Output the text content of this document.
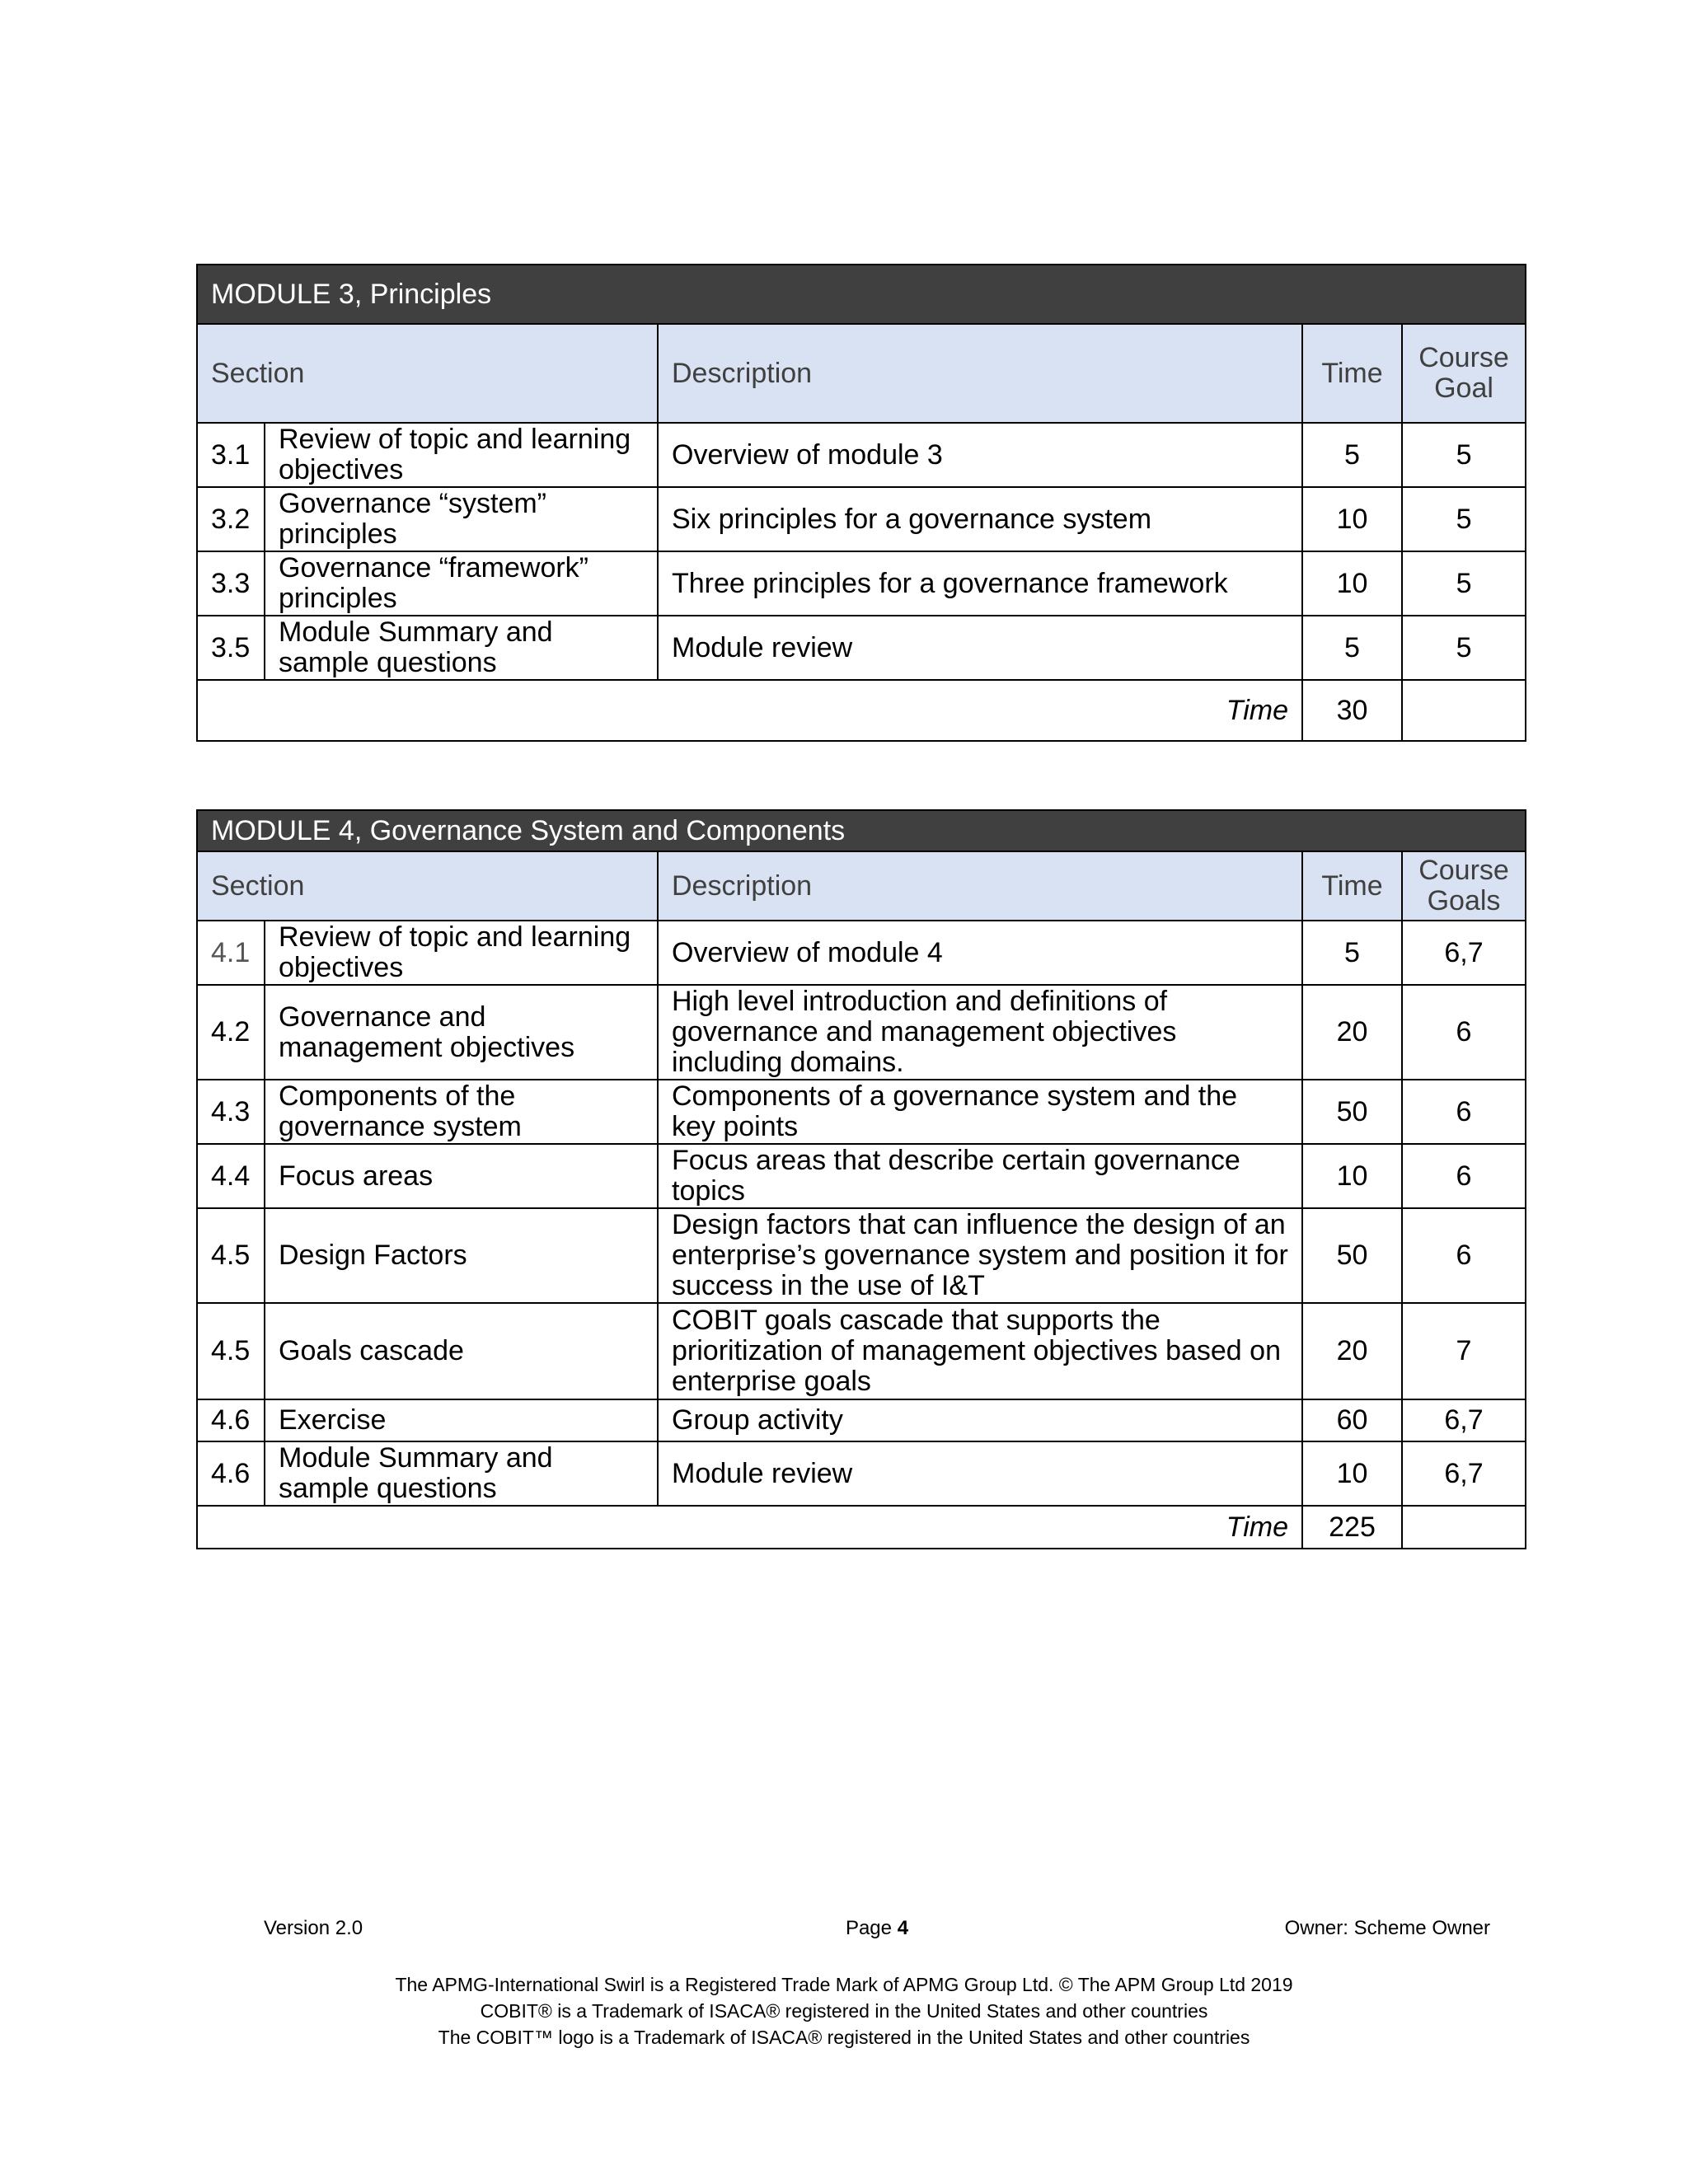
MODULE 3, Principles				
Section		Description	Time	Course Goal
3.1	Review of topic and learning objectives	Overview of module 3	5	5
3.2	Governance “system” principles	Six principles for a governance system	10	5
3.3	Governance “framework” principles	Three principles for a governance framework	10	5
3.5	Module Summary and sample questions	Module review	5	5
Time			30	
MODULE 4, Governance System and Components				
Section		Description	Time	Course Goals
4.1	Review of topic and learning objectives	Overview of module 4	5	6,7
4.2	Governance and management objectives	High level introduction and definitions of governance and management objectives including domains.	20	6
4.3	Components of the governance system	Components of a governance system and the key points	50	6
4.4	Focus areas	Focus areas that describe certain governance topics	10	6
4.5	Design Factors	Design factors that can influence the design of an enterprise’s governance system and position it for success in the use of I&T	50	6
4.5	Goals cascade	COBIT goals cascade that supports the prioritization of management objectives based on enterprise goals	20	7
4.6	Exercise	Group activity	60	6,7
4.6	Module Summary and sample questions	Module review	10	6,7
Time			225	
Version 2.0	Page 4	Owner: Scheme Owner
The APMG-International Swirl is a Registered Trade Mark of APMG Group Ltd. © The APM Group Ltd 2019
COBIT® is a Trademark of ISACA® registered in the United States and other countries
The COBIT™ logo is a Trademark of ISACA® registered in the United States and other countries
